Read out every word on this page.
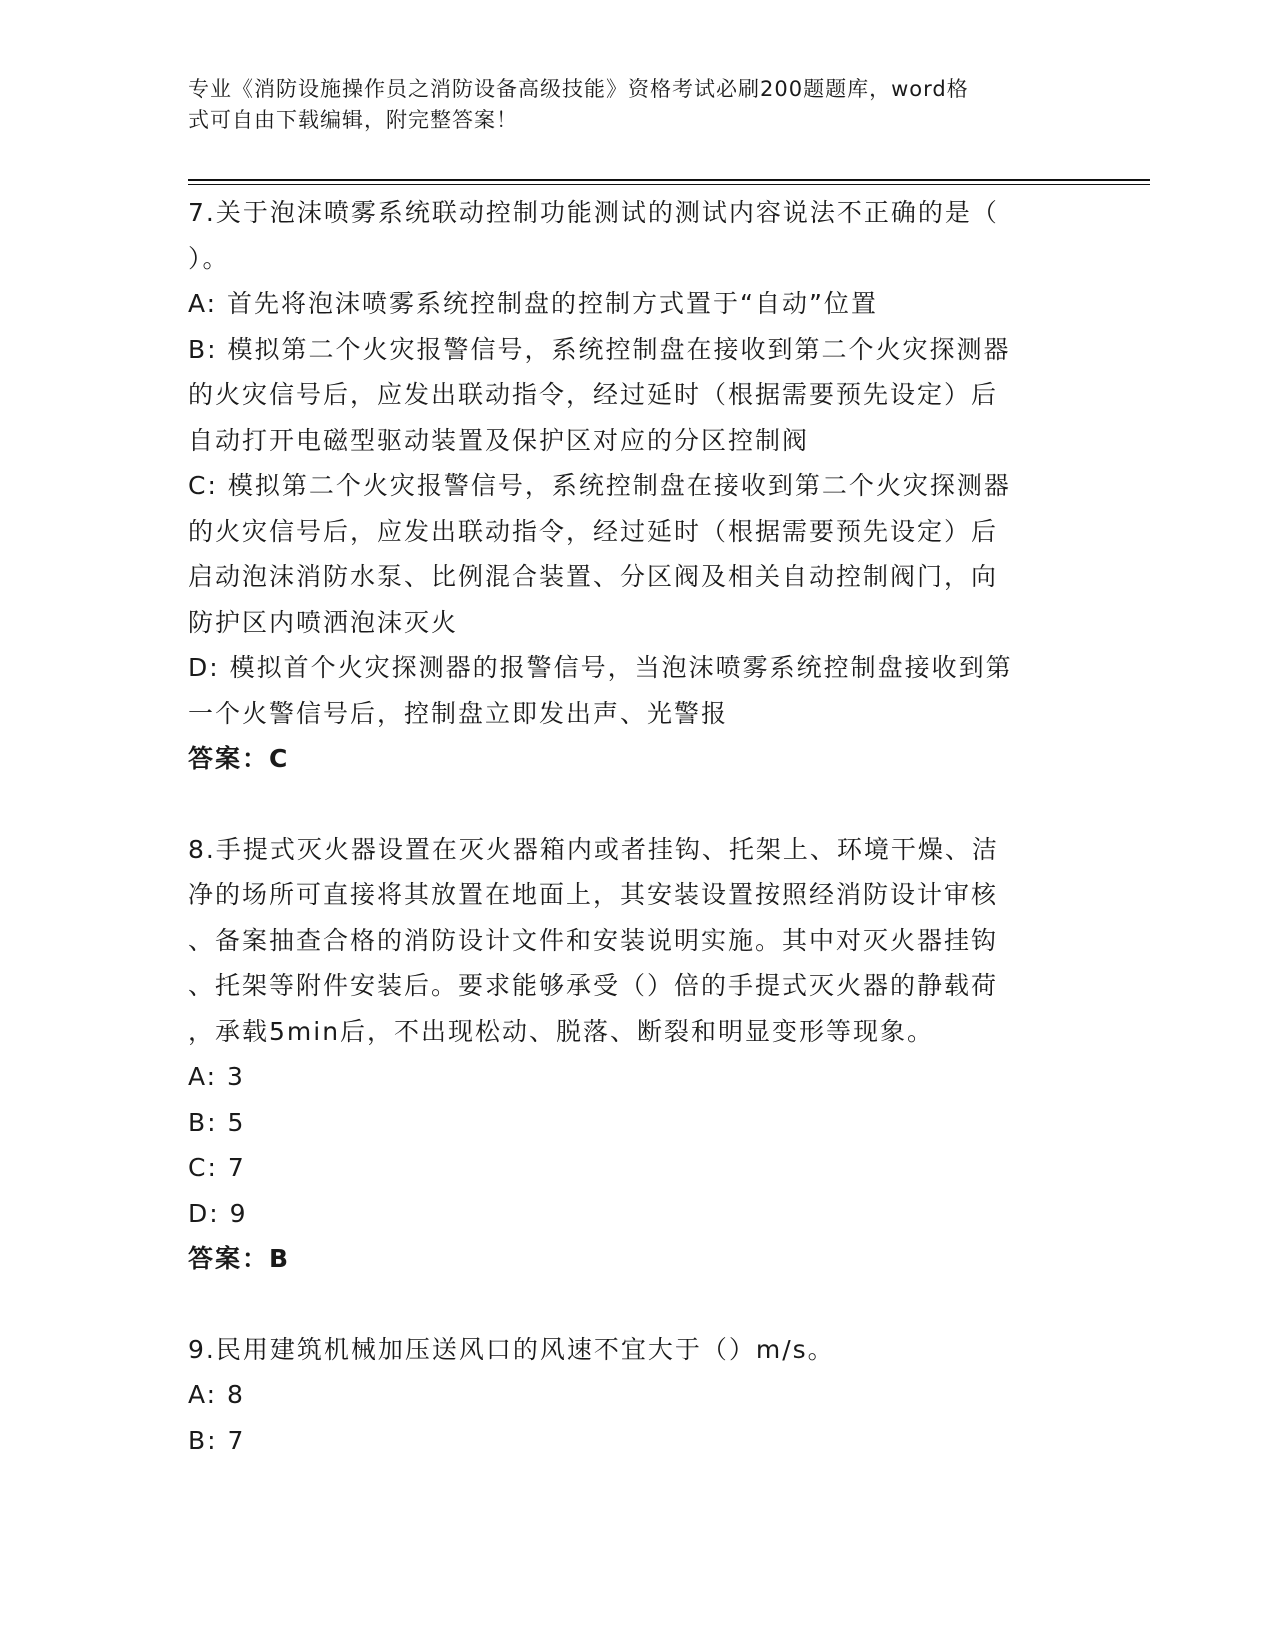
专业《消防设施操作员之消防设备高级技能》资格考试必刷200题题库，word格
式可自由下载编辑，附完整答案！
7.关于泡沫喷雾系统联动控制功能测试的测试内容说法不正确的是（
）。
A: 首先将泡沫喷雾系统控制盘的控制方式置于“自动”位置
B: 模拟第二个火灾报警信号，系统控制盘在接收到第二个火灾探测器
的火灾信号后，应发出联动指令，经过延时（根据需要预先设定）后
自动打开电磁型驱动装置及保护区对应的分区控制阀
C: 模拟第二个火灾报警信号，系统控制盘在接收到第二个火灾探测器
的火灾信号后，应发出联动指令，经过延时（根据需要预先设定）后
启动泡沫消防水泵、比例混合装置、分区阀及相关自动控制阀门，向
防护区内喷洒泡沫灭火
D: 模拟首个火灾探测器的报警信号，当泡沫喷雾系统控制盘接收到第
一个火警信号后，控制盘立即发出声、光警报
答案：C
8.手提式灭火器设置在灭火器箱内或者挂钩、托架上、环境干燥、洁
净的场所可直接将其放置在地面上，其安装设置按照经消防设计审核
、备案抽查合格的消防设计文件和安装说明实施。其中对灭火器挂钩
、托架等附件安装后。要求能够承受（）倍的手提式灭火器的静载荷
，承载5min后，不出现松动、脱落、断裂和明显变形等现象。
A: 3
B: 5
C: 7
D: 9
答案：B
9.民用建筑机械加压送风口的风速不宜大于（）m/s。
A: 8
B: 7
